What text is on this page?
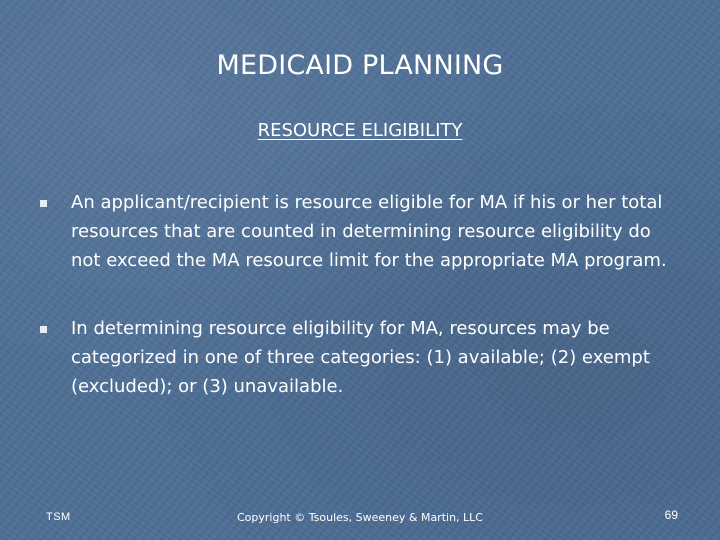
MEDICAID PLANNING
RESOURCE ELIGIBILITY
An applicant/recipient is resource eligible for MA if his or her total resources that are counted in determining resource eligibility do not exceed the MA resource limit for the appropriate MA program.
In determining resource eligibility for MA, resources may be categorized in one of three categories: (1) available; (2) exempt (excluded); or (3) unavailable.
TSM	Copyright © Tsoules, Sweeney & Martin, LLC	69
